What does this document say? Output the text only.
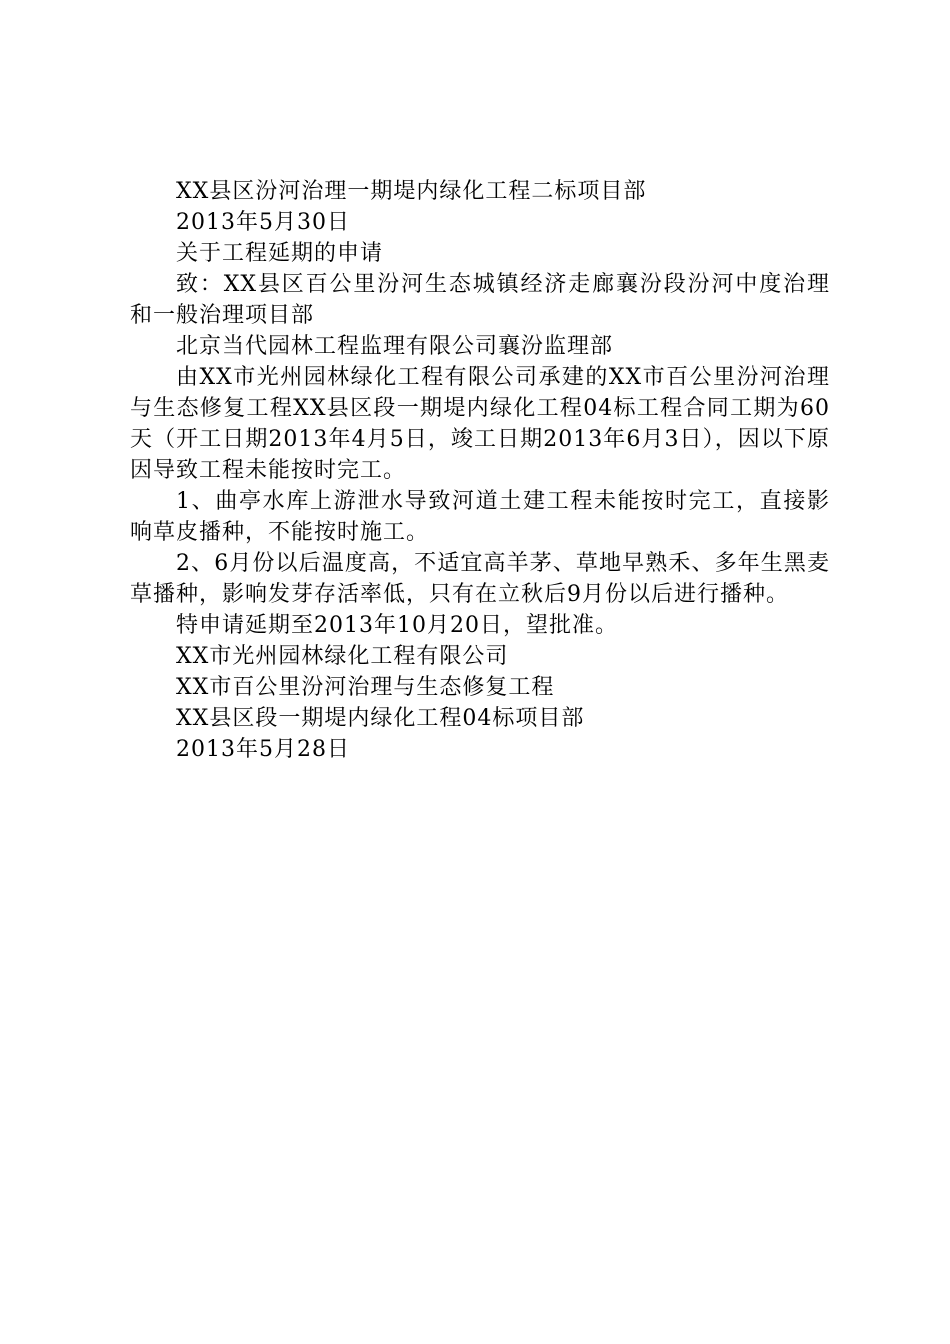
XX县区汾河治理一期堤内绿化工程二标项目部

2013年5月30日

关于工程延期的申请

致：XX县区百公里汾河生态城镇经济走廊襄汾段汾河中度治理和一般治理项目部

北京当代园林工程监理有限公司襄汾监理部

由XX市光州园林绿化工程有限公司承建的XX市百公里汾河治理与生态修复工程XX县区段一期堤内绿化工程04标工程合同工期为60天（开工日期2013年4月5日，竣工日期2013年6月3日），因以下原因导致工程未能按时完工。

1、曲亭水库上游泄水导致河道土建工程未能按时完工，直接影响草皮播种，不能按时施工。

2、6月份以后温度高，不适宜高羊茅、草地早熟禾、多年生黑麦草播种，影响发芽存活率低，只有在立秋后9月份以后进行播种。

特申请延期至2013年10月20日，望批准。

XX市光州园林绿化工程有限公司

XX市百公里汾河治理与生态修复工程

XX县区段一期堤内绿化工程04标项目部

2013年5月28日
